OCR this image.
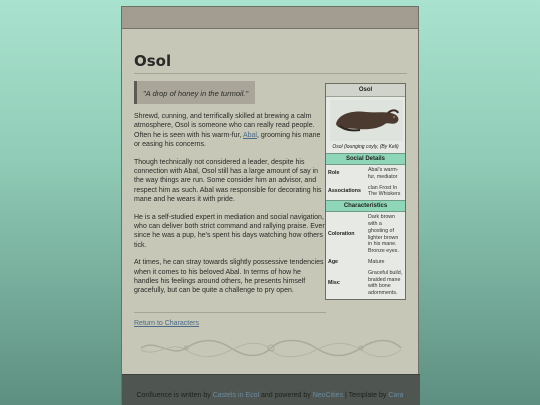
Osol
"A drop of honey in the turmoil."

Shrewd, cunning, and terrifically skilled at brewing a calm atmosphere, Osol is someone who can really read people. Often he is seen with his warm-fur, Abal, grooming his mane or easing his concerns.

Though technically not considered a leader, despite his connection with Abal, Osol still has a large amount of say in the way things are run. Some consider him an advisor, and respect him as such. Abal was responsible for decorating his mane and he wears it with pride.

He is a self-studied expert in mediation and social navigation, who can deliver both strict command and rallying praise. Ever since he was a pup, he's spent his days watching how others tick.

At times, he can stray towards slightly possessive tendencies when it comes to his beloved Abal. In terms of how he handles his feelings around others, he presents himself gracefully, but can be quite a challenge to pry open.

Return to Characters
Osol
Osol (lounging coyly, (By Keli)
Social Details
Role	Abal's warm-fur, mediator
Associations	clan Frost In The Whiskers
Characteristics
Coloration	Dark brown with a ghosting of lighter brown in his mane. Bronze eyes.
Age	Mature
Misc	Graceful build, braided mane with bone adornments.
Confluence is written by Castels in Ecol and powered by NeoCities | Template by Cara.
